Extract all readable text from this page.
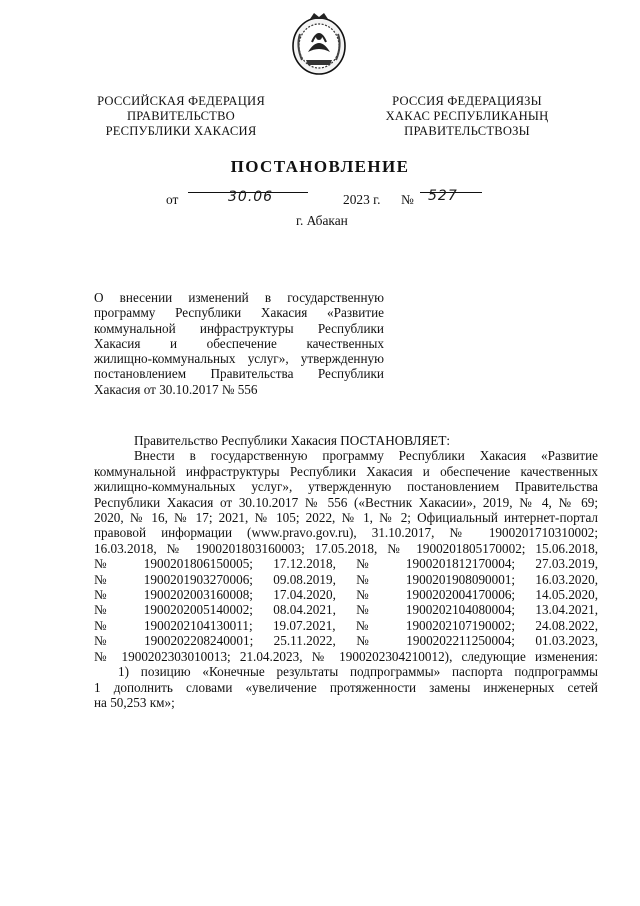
РОССИЙСКАЯ ФЕДЕРАЦИЯ
ПРАВИТЕЛЬСТВО
РЕСПУБЛИКИ ХАКАСИЯ
РОССИЯ ФЕДЕРАЦИЯЗЫ
ХАКАС РЕСПУБЛИКАНЫҢ
ПРАВИТЕЛЬСТВОЗЫ
ПОСТАНОВЛЕНИЕ
от	30.06	2023 г. № 527
г. Абакан
О внесении изменений в государственную
программу Республики Хакасия «Развитие
коммунальной инфраструктуры Республики
Хакасия и обеспечение качественных
жилищно-коммунальных услуг», утвержденную
постановлением Правительства Республики
Хакасия от 30.10.2017 № 556
Правительство Республики Хакасия ПОСТАНОВЛЯЕТ:
Внести в государственную программу Республики Хакасия «Развитие
коммунальной инфраструктуры Республики Хакасия и обеспечение качественных
жилищно-коммунальных услуг», утвержденную постановлением Правительства
Республики Хакасия от 30.10.2017 № 556 («Вестник Хакасии», 2019, № 4, № 69;
2020, № 16, № 17; 2021, № 105; 2022, № 1, № 2; Официальный интернет-портал
правовой информации (www.pravo.gov.ru), 31.10.2017, № 1900201710310002;
16.03.2018, № 1900201803160003; 17.05.2018, № 1900201805170002; 15.06.2018,
№ 1900201806150005; 17.12.2018, № 1900201812170004; 27.03.2019,
№ 1900201903270006; 09.08.2019, № 1900201908090001; 16.03.2020,
№ 1900202003160008; 17.04.2020, № 1900202004170006; 14.05.2020,
№ 1900202005140002; 08.04.2021, № 1900202104080004; 13.04.2021,
№ 1900202104130011; 19.07.2021, № 1900202107190002; 24.08.2022,
№ 1900202208240001; 25.11.2022, № 1900202211250004; 01.03.2023,
№ 1900202303010013; 21.04.2023, № 1900202304210012), следующие изменения:
1) позицию «Конечные результаты подпрограммы» паспорта подпрограммы
1 дополнить словами «увеличение протяженности замены инженерных сетей
на 50,253 км»;
